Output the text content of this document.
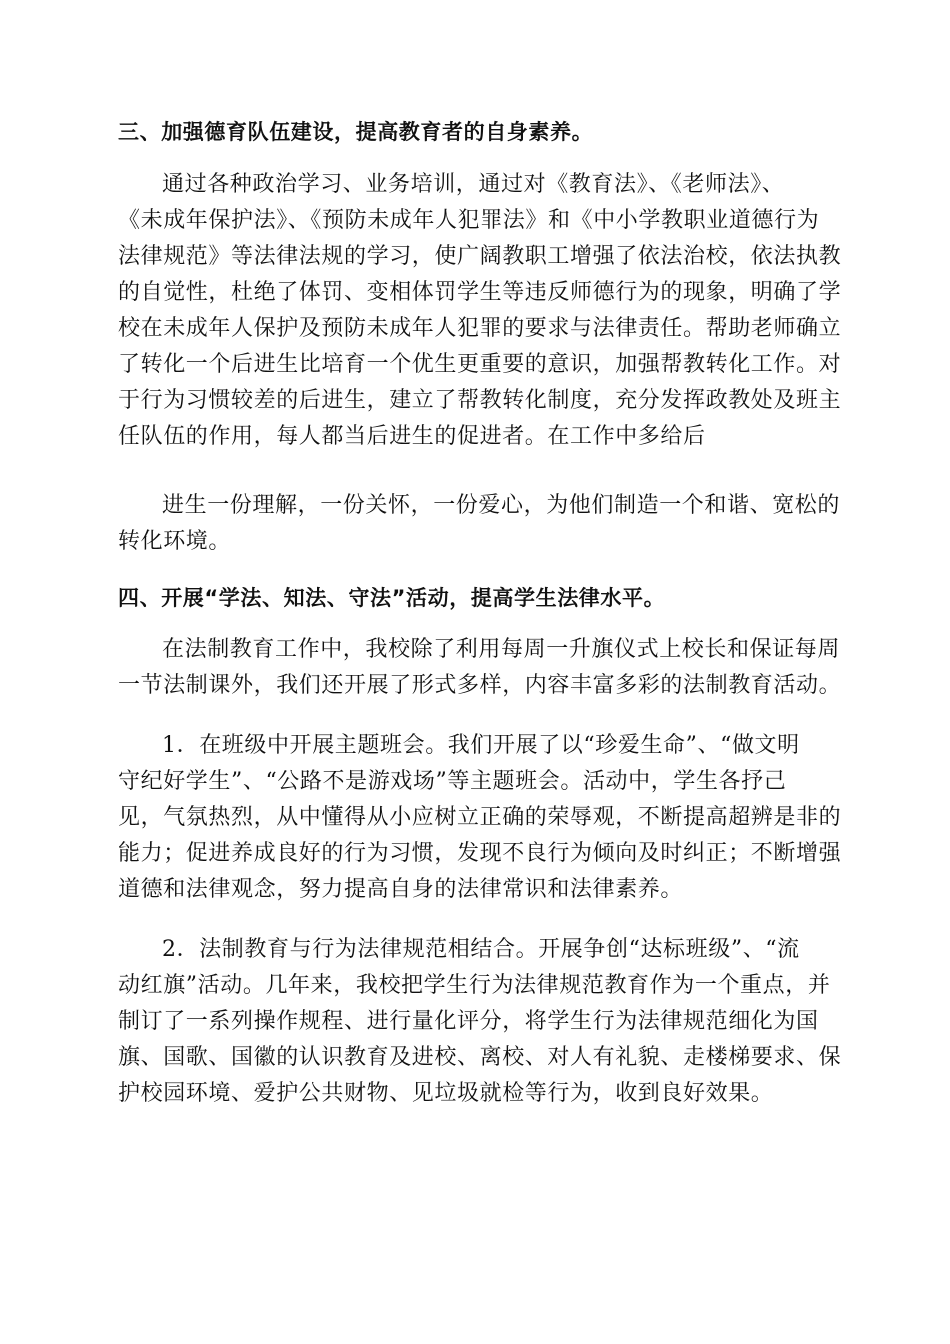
三、加强德育队伍建设，提高教育者的自身素养。
通过各种政治学习、业务培训，通过对《教育法》、《老师法》、
《未成年保护法》、《预防未成年人犯罪法》和《中小学教职业道德行为
法律规范》等法律法规的学习，使广阔教职工增强了依法治校，依法执教
的自觉性，杜绝了体罚、变相体罚学生等违反师德行为的现象，明确了学
校在未成年人保护及预防未成年人犯罪的要求与法律责任。帮助老师确立
了转化一个后进生比培育一个优生更重要的意识，加强帮教转化工作。对
于行为习惯较差的后进生，建立了帮教转化制度，充分发挥政教处及班主
任队伍的作用，每人都当后进生的促进者。在工作中多给后
进生一份理解，一份关怀，一份爱心，为他们制造一个和谐、宽松的
转化环境。
四、开展“学法、知法、守法”活动，提高学生法律水平。
在法制教育工作中，我校除了利用每周一升旗仪式上校长和保证每周
一节法制课外，我们还开展了形式多样，内容丰富多彩的法制教育活动。
1．在班级中开展主题班会。我们开展了以“珍爱生命”、“做文明
守纪好学生”、“公路不是游戏场”等主题班会。活动中，学生各抒己
见，气氛热烈，从中懂得从小应树立正确的荣辱观，不断提高超辨是非的
能力；促进养成良好的行为习惯，发现不良行为倾向及时纠正；不断增强
道德和法律观念，努力提高自身的法律常识和法律素养。
2．法制教育与行为法律规范相结合。开展争创“达标班级”、“流
动红旗”活动。几年来，我校把学生行为法律规范教育作为一个重点，并
制订了一系列操作规程、进行量化评分，将学生行为法律规范细化为国
旗、国歌、国徽的认识教育及进校、离校、对人有礼貌、走楼梯要求、保
护校园环境、爱护公共财物、见垃圾就检等行为，收到良好效果。
